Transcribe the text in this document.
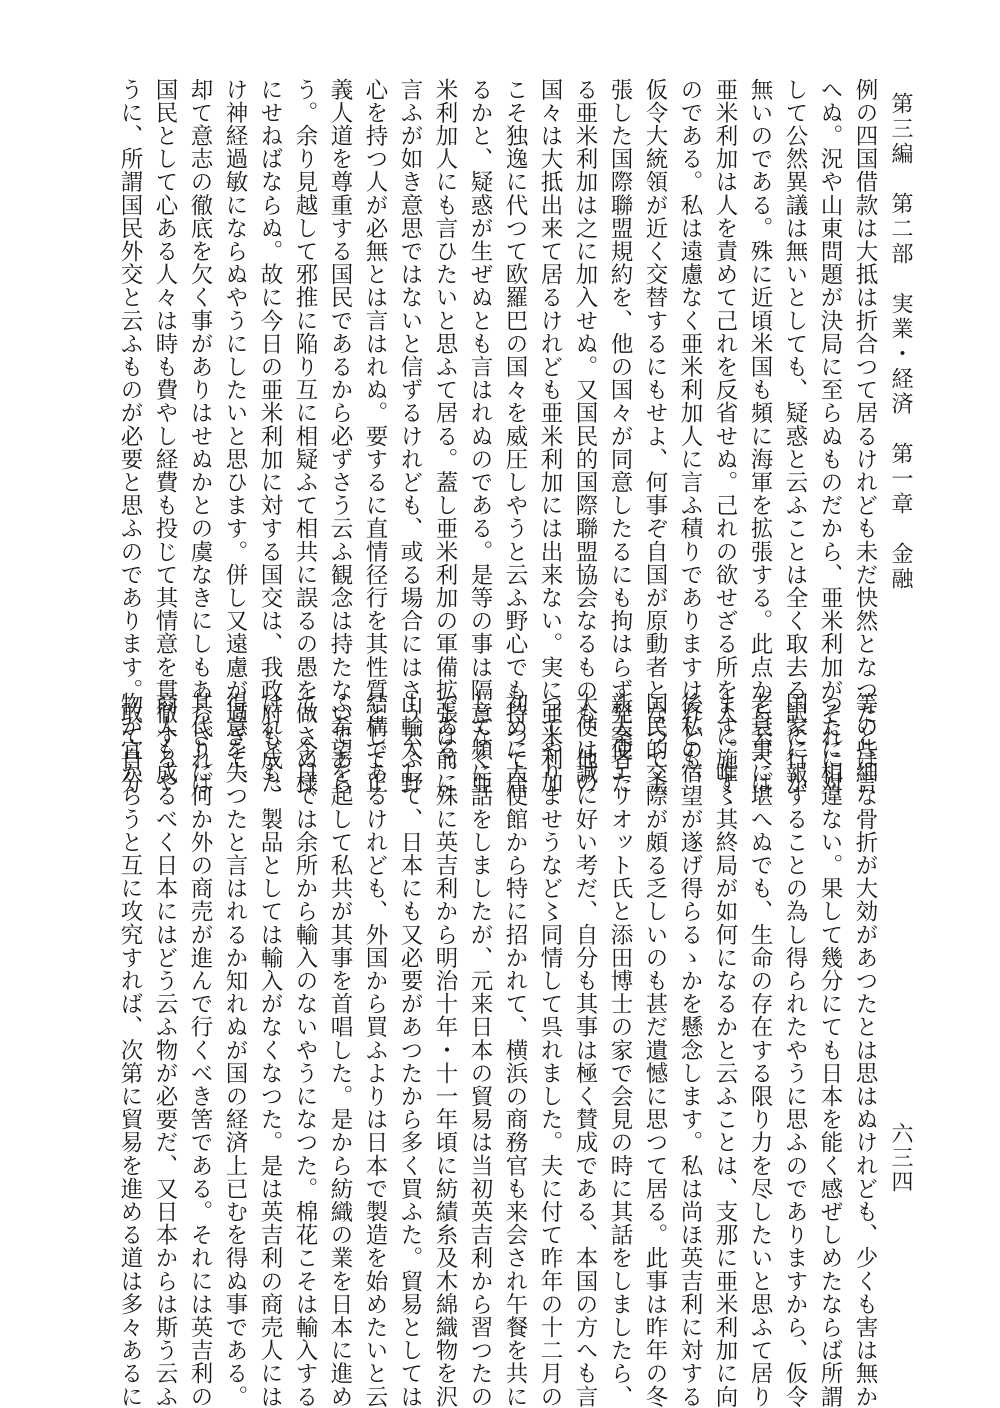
第三編　第二部　実業・経済　第一章　金融
六三四
例の四国借款は大抵は折合つて居るけれども未だ快然となつたとは言
へぬ。況や山東問題が決局に至らぬものだから、亜米利加がそれに対
して公然異議は無いとしても、疑惑と云ふことは全く取去る訳に行か
無いのである。殊に近頃米国も頻に海軍を拡張する。此点から云へば
亜米利加は人を責めて己れを反省せぬ。己れの欲せざる所を人に施す
のである。私は遠慮なく亜米利加人に言ふ積りでありますけれども、
仮令大統領が近く交替するにもせよ、何事ぞ自国が原動者となつて主
張した国際聯盟規約を、他の国々が同意したるにも拘はらず発案者た
る亜米利加は之に加入せぬ。又国民的国際聯盟協会なるものも、他の
国々は大抵出来て居るけれども亜米利加には出来ない。実に亜米利加
こそ独逸に代つて欧羅巴の国々を威圧しやうと云ふ野心でも持つて居
るかと、疑惑が生ぜぬとも言はれぬのである。是等の事は隔意なく亜
米利加人にも言ひたいと思ふて居る。蓋し亜米利加の軍備拡張は前に
言ふが如き意思ではないと信ずるけれども、或る場合にはさう云ふ野
心を持つ人が必無とは言はれぬ。要するに直情径行を其性質として正
義人道を尊重する国民であるから必ずさう云ふ観念は持たないであら
う。余り見越して邪推に陥り互に相疑ふて相共に誤るの愚を做さぬ様
にせねばならぬ。故に今日の亜米利加に対する国交は、我政府も成た
け神経過敏にならぬやうにしたいと思ひます。併し又遠慮が過ぎて、
却て意志の徹底を欠く事がありはせぬかとの虞なきにしもあらざれば
国民として心ある人々は時も費やし経費も投じて其情意を貫徹するや
うに、所謂国民外交と云ふものが必要と思ふのであります。敢て自分
等の些細な骨折が大効があつたとは思はぬけれども、少くも害は無か
つたに相違ない。果して幾分にても日本を能く感ぜしめたならば所謂
国家に報ずることの為し得られたやうに思ふのでありますから、仮令
老衰事に堪へぬでも、生命の存在する限り力を尽したいと思ふて居り
ます。唯〻其終局が如何になるかと云ふことは、支那に亜米利加に向
後私の宿望が遂げ得らるゝかを懸念します。私は尚ほ英吉利に対する
国民的交際が頗る乏しいのも甚だ遺憾に思つて居る。此事は昨年の冬
新大使エリオット氏と添田博士の家で会見の時に其話をしましたら、
大使は誠に好い考だ、自分も其事は極く賛成である、本国の方へも言
つてやりませうなど〻同情して呉れました。夫に付て昨年の十二月の
初めに大使館から特に招かれて、横浜の商務官も来会され午餐を共に
して頻に話をしましたが、元来日本の貿易は当初英吉利から習つたの
である。殊に英吉利から明治十年・十一年頃に紡績糸及木綿織物を沢
山輸入して、日本にも又必要があつたから多く買ふた。貿易としては
結構であるけれども、外国から買ふよりは日本で製造を始めたいと云
ふ希望を起して私共が其事を首唱した。是から紡織の業を日本に進め
て、今日では余所から輸入のないやうになつた。棉花こそは輸入する
けれども、製品としては輸入がなくなつた。是は英吉利の商売人には
得意を失つたと言はれるか知れぬが国の経済上已むを得ぬ事である。
其代りに何か外の商売が進んで行くべき筈である。それには英吉利の
商人も成るべく日本にはどう云ふ物が必要だ、又日本からは斯う云ふ
物が宜からうと互に攻究すれば、次第に貿易を進める道は多々あるに
